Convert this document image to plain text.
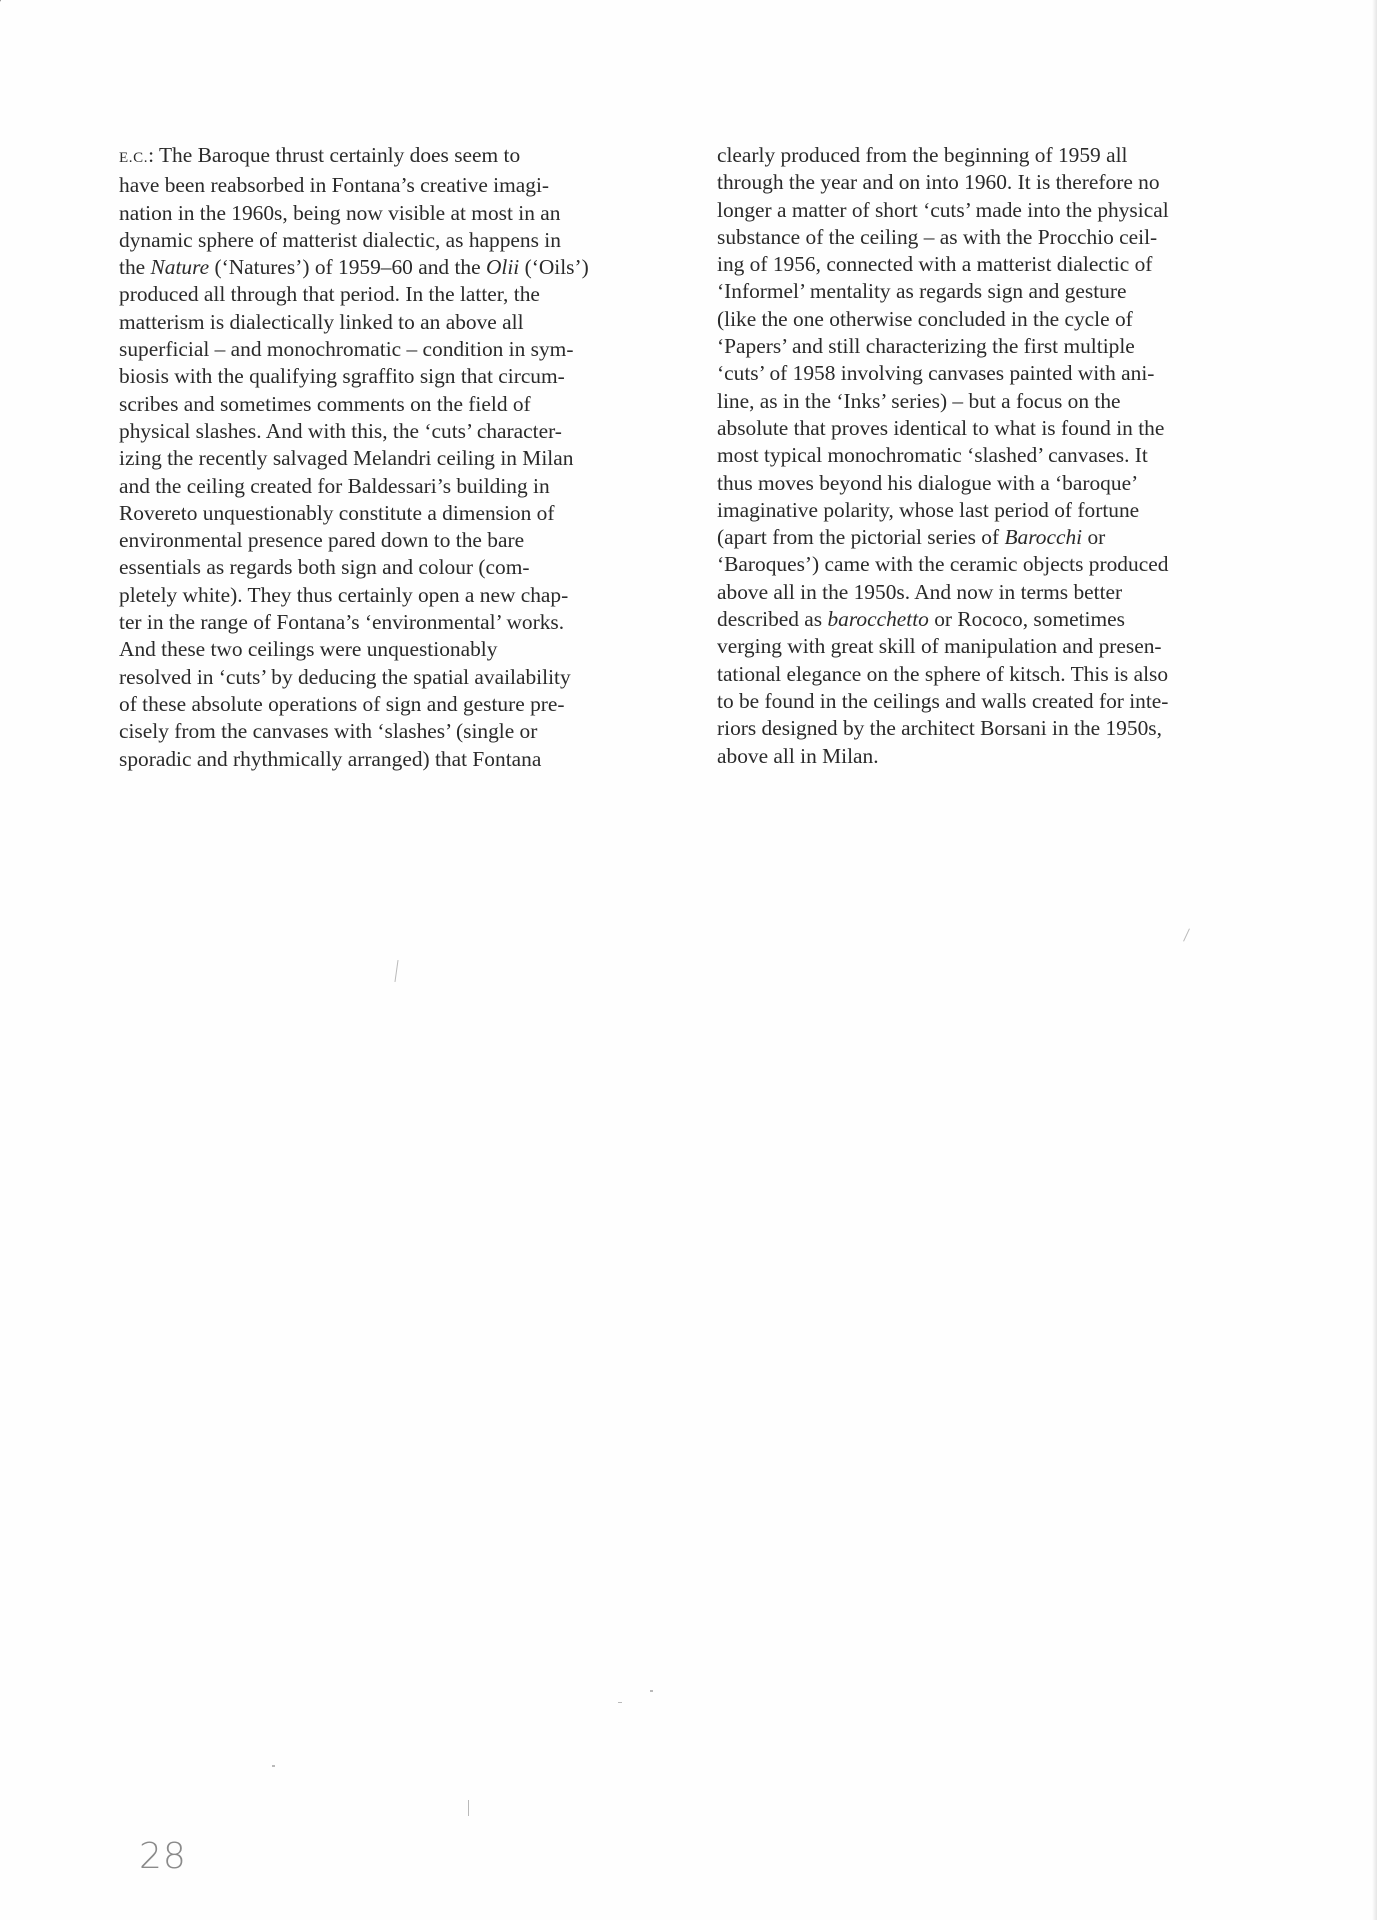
E.C.: The Baroque thrust certainly does seem to
have been reabsorbed in Fontana’s creative imagi-
nation in the 1960s, being now visible at most in an
dynamic sphere of matterist dialectic, as happens in
the Nature (‘Natures’) of 1959–60 and the Olii (‘Oils’)
produced all through that period. In the latter, the
matterism is dialectically linked to an above all
superficial – and monochromatic – condition in sym-
biosis with the qualifying sgraffito sign that circum-
scribes and sometimes comments on the field of
physical slashes. And with this, the ‘cuts’ character-
izing the recently salvaged Melandri ceiling in Milan
and the ceiling created for Baldessari’s building in
Rovereto unquestionably constitute a dimension of
environmental presence pared down to the bare
essentials as regards both sign and colour (com-
pletely white). They thus certainly open a new chap-
ter in the range of Fontana’s ‘environmental’ works.
And these two ceilings were unquestionably
resolved in ‘cuts’ by deducing the spatial availability
of these absolute operations of sign and gesture pre-
cisely from the canvases with ‘slashes’ (single or
sporadic and rhythmically arranged) that Fontana
clearly produced from the beginning of 1959 all
through the year and on into 1960. It is therefore no
longer a matter of short ‘cuts’ made into the physical
substance of the ceiling – as with the Procchio ceil-
ing of 1956, connected with a matterist dialectic of
‘Informel’ mentality as regards sign and gesture
(like the one otherwise concluded in the cycle of
‘Papers’ and still characterizing the first multiple
‘cuts’ of 1958 involving canvases painted with ani-
line, as in the ‘Inks’ series) – but a focus on the
absolute that proves identical to what is found in the
most typical monochromatic ‘slashed’ canvases. It
thus moves beyond his dialogue with a ‘baroque’
imaginative polarity, whose last period of fortune
(apart from the pictorial series of Barocchi or
‘Baroques’) came with the ceramic objects produced
above all in the 1950s. And now in terms better
described as barocchetto or Rococo, sometimes
verging with great skill of manipulation and presen-
tational elegance on the sphere of kitsch. This is also
to be found in the ceilings and walls created for inte-
riors designed by the architect Borsani in the 1950s,
above all in Milan.
28
